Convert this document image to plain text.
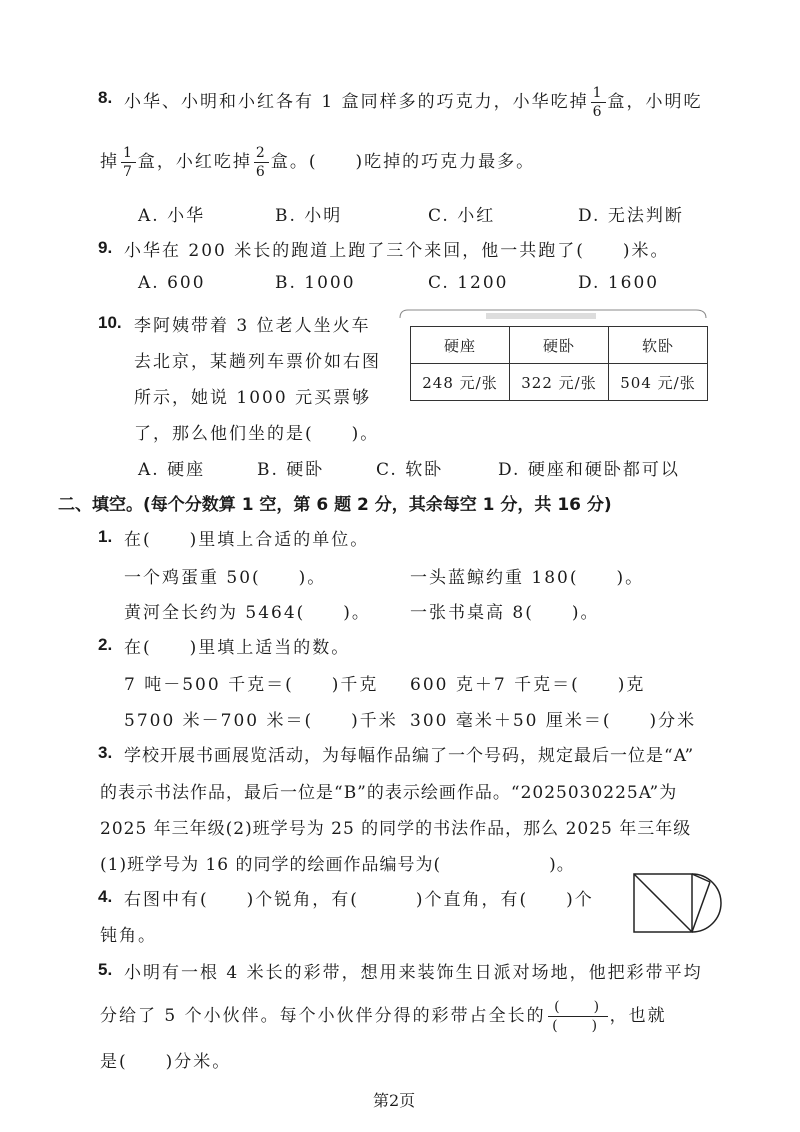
8. 小华、小明和小红各有 1 盒同样多的巧克力，小华吃掉 $\frac{1}{6}$ 盒，小明吃
掉 $\frac{1}{7}$ 盒，小红吃掉 $\frac{2}{6}$ 盒。(　　)吃掉的巧克力最多。
A. 小华	B. 小明	C. 小红	D. 无法判断
9. 小华在 200 米长的跑道上跑了三个来回，他一共跑了(　　)米。
A. 600	B. 1000	C. 1200	D. 1600
10. 李阿姨带着 3 位老人坐火车
去北京，某趟列车票价如右图
所示，她说 1000 元买票够
了，那么他们坐的是(　　)。
硬座	硬卧	软卧
248 元/张	322 元/张	504 元/张
A. 硬座	B. 硬卧	C. 软卧	D. 硬座和硬卧都可以
二、填空。(每个分数算 1 空，第 6 题 2 分，其余每空 1 分，共 16 分)
1. 在(　　)里填上合适的单位。
一个鸡蛋重 50(　　)。	一头蓝鲸约重 180(　　)。
黄河全长约为 5464(　　)。 一张书桌高 8(　　)。
2. 在(　　)里填上适当的数。
7 吨－500 千克＝(　　)千克 600 克＋7 千克＝(　　)克
5700 米－700 米＝(　　)千米 300 毫米＋50 厘米＝(　　)分米
3. 学校开展书画展览活动，为每幅作品编了一个号码，规定最后一位是“A”
的表示书法作品，最后一位是“B”的表示绘画作品。“2025030225A”为
2025 年三年级(2)班学号为 25 的同学的书法作品，那么 2025 年三年级
(1)班学号为 16 的同学的绘画作品编号为(　　　　　　)。
4. 右图中有(　　)个锐角，有(　　　)个直角，有(　　)个
钝角。
5. 小明有一根 4 米长的彩带，想用来装饰生日派对场地，他把彩带平均
分给了 5 个小伙伴。每个小伙伴分得的彩带占全长的 $\frac{( )}{( )}$ ，也就
是(　　)分米。
第2页
